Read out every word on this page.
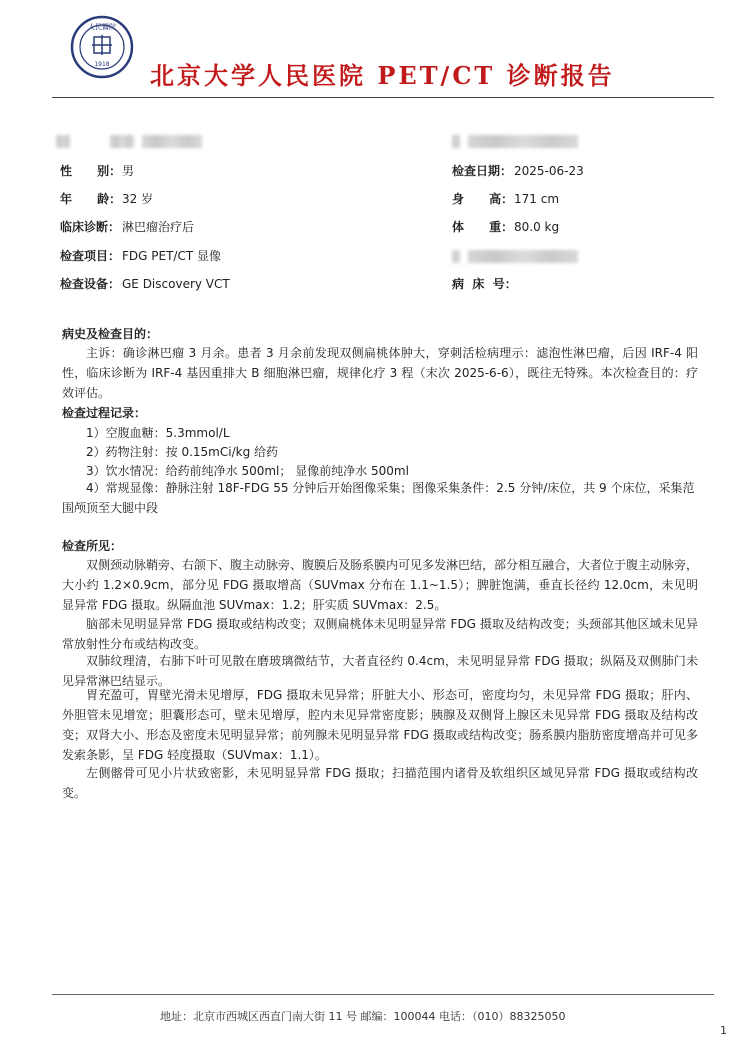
人民醫院
1918 北京大学人民医院 PET/CT 诊断报告

性      别：男
年      龄：32 岁
临床诊断： 淋巴瘤治疗后
检查项目： FDG PET/CT 显像
检查设备： GE Discovery VCT

检查日期： 2025-06-23
身      高：171 cm
体      重：80.0 kg

病  床  号：
病史及检查目的：
主诉：确诊淋巴瘤 3 月余。患者 3 月余前发现双侧扁桃体肿大，穿刺活检病理示：滤泡性淋巴瘤，后因 IRF-4 阳性，临床诊断为 IRF-4 基因重排大 B 细胞淋巴瘤，规律化疗 3 程（末次 2025-6-6），既往无特殊。本次检查目的：疗效评估。
检查过程记录：
1）空腹血糖：5.3mmol/L
2）药物注射：按 0.15mCi/kg 给药
3）饮水情况：给药前纯净水 500ml； 显像前纯净水 500ml
4）常规显像：静脉注射 18F-FDG 55 分钟后开始图像采集；图像采集条件：2.5 分钟/床位，共 9 个床位，采集范围颅顶至大腿中段
检查所见：
双侧颈动脉鞘旁、右颌下、腹主动脉旁、腹膜后及肠系膜内可见多发淋巴结，部分相互融合，大者位于腹主动脉旁，大小约 1.2×0.9cm，部分见 FDG 摄取增高（SUVmax 分布在 1.1~1.5）；脾脏饱满，垂直长径约 12.0cm，未见明显异常 FDG 摄取。纵隔血池 SUVmax：1.2；肝实质 SUVmax：2.5。
脑部未见明显异常 FDG 摄取或结构改变；双侧扁桃体未见明显异常 FDG 摄取及结构改变；头颈部其他区域未见异常放射性分布或结构改变。
双肺纹理清，右肺下叶可见散在磨玻璃微结节，大者直径约 0.4cm，未见明显异常 FDG 摄取；纵隔及双侧肺门未见异常淋巴结显示。
胃充盈可，胃壁光滑未见增厚，FDG 摄取未见异常；肝脏大小、形态可，密度均匀，未见异常 FDG 摄取；肝内、外胆管未见增宽；胆囊形态可，壁未见增厚，腔内未见异常密度影；胰腺及双侧肾上腺区未见异常 FDG 摄取及结构改变；双肾大小、形态及密度未见明显异常；前列腺未见明显异常 FDG 摄取或结构改变；肠系膜内脂肪密度增高并可见多发索条影，呈 FDG 轻度摄取（SUVmax：1.1）。
左侧髂骨可见小片状致密影，未见明显异常 FDG 摄取；扫描范围内诸骨及软组织区域见异常 FDG 摄取或结构改变。
地址：北京市西城区西直门南大街 11 号 邮编：100044 电话：（010）88325050
1
